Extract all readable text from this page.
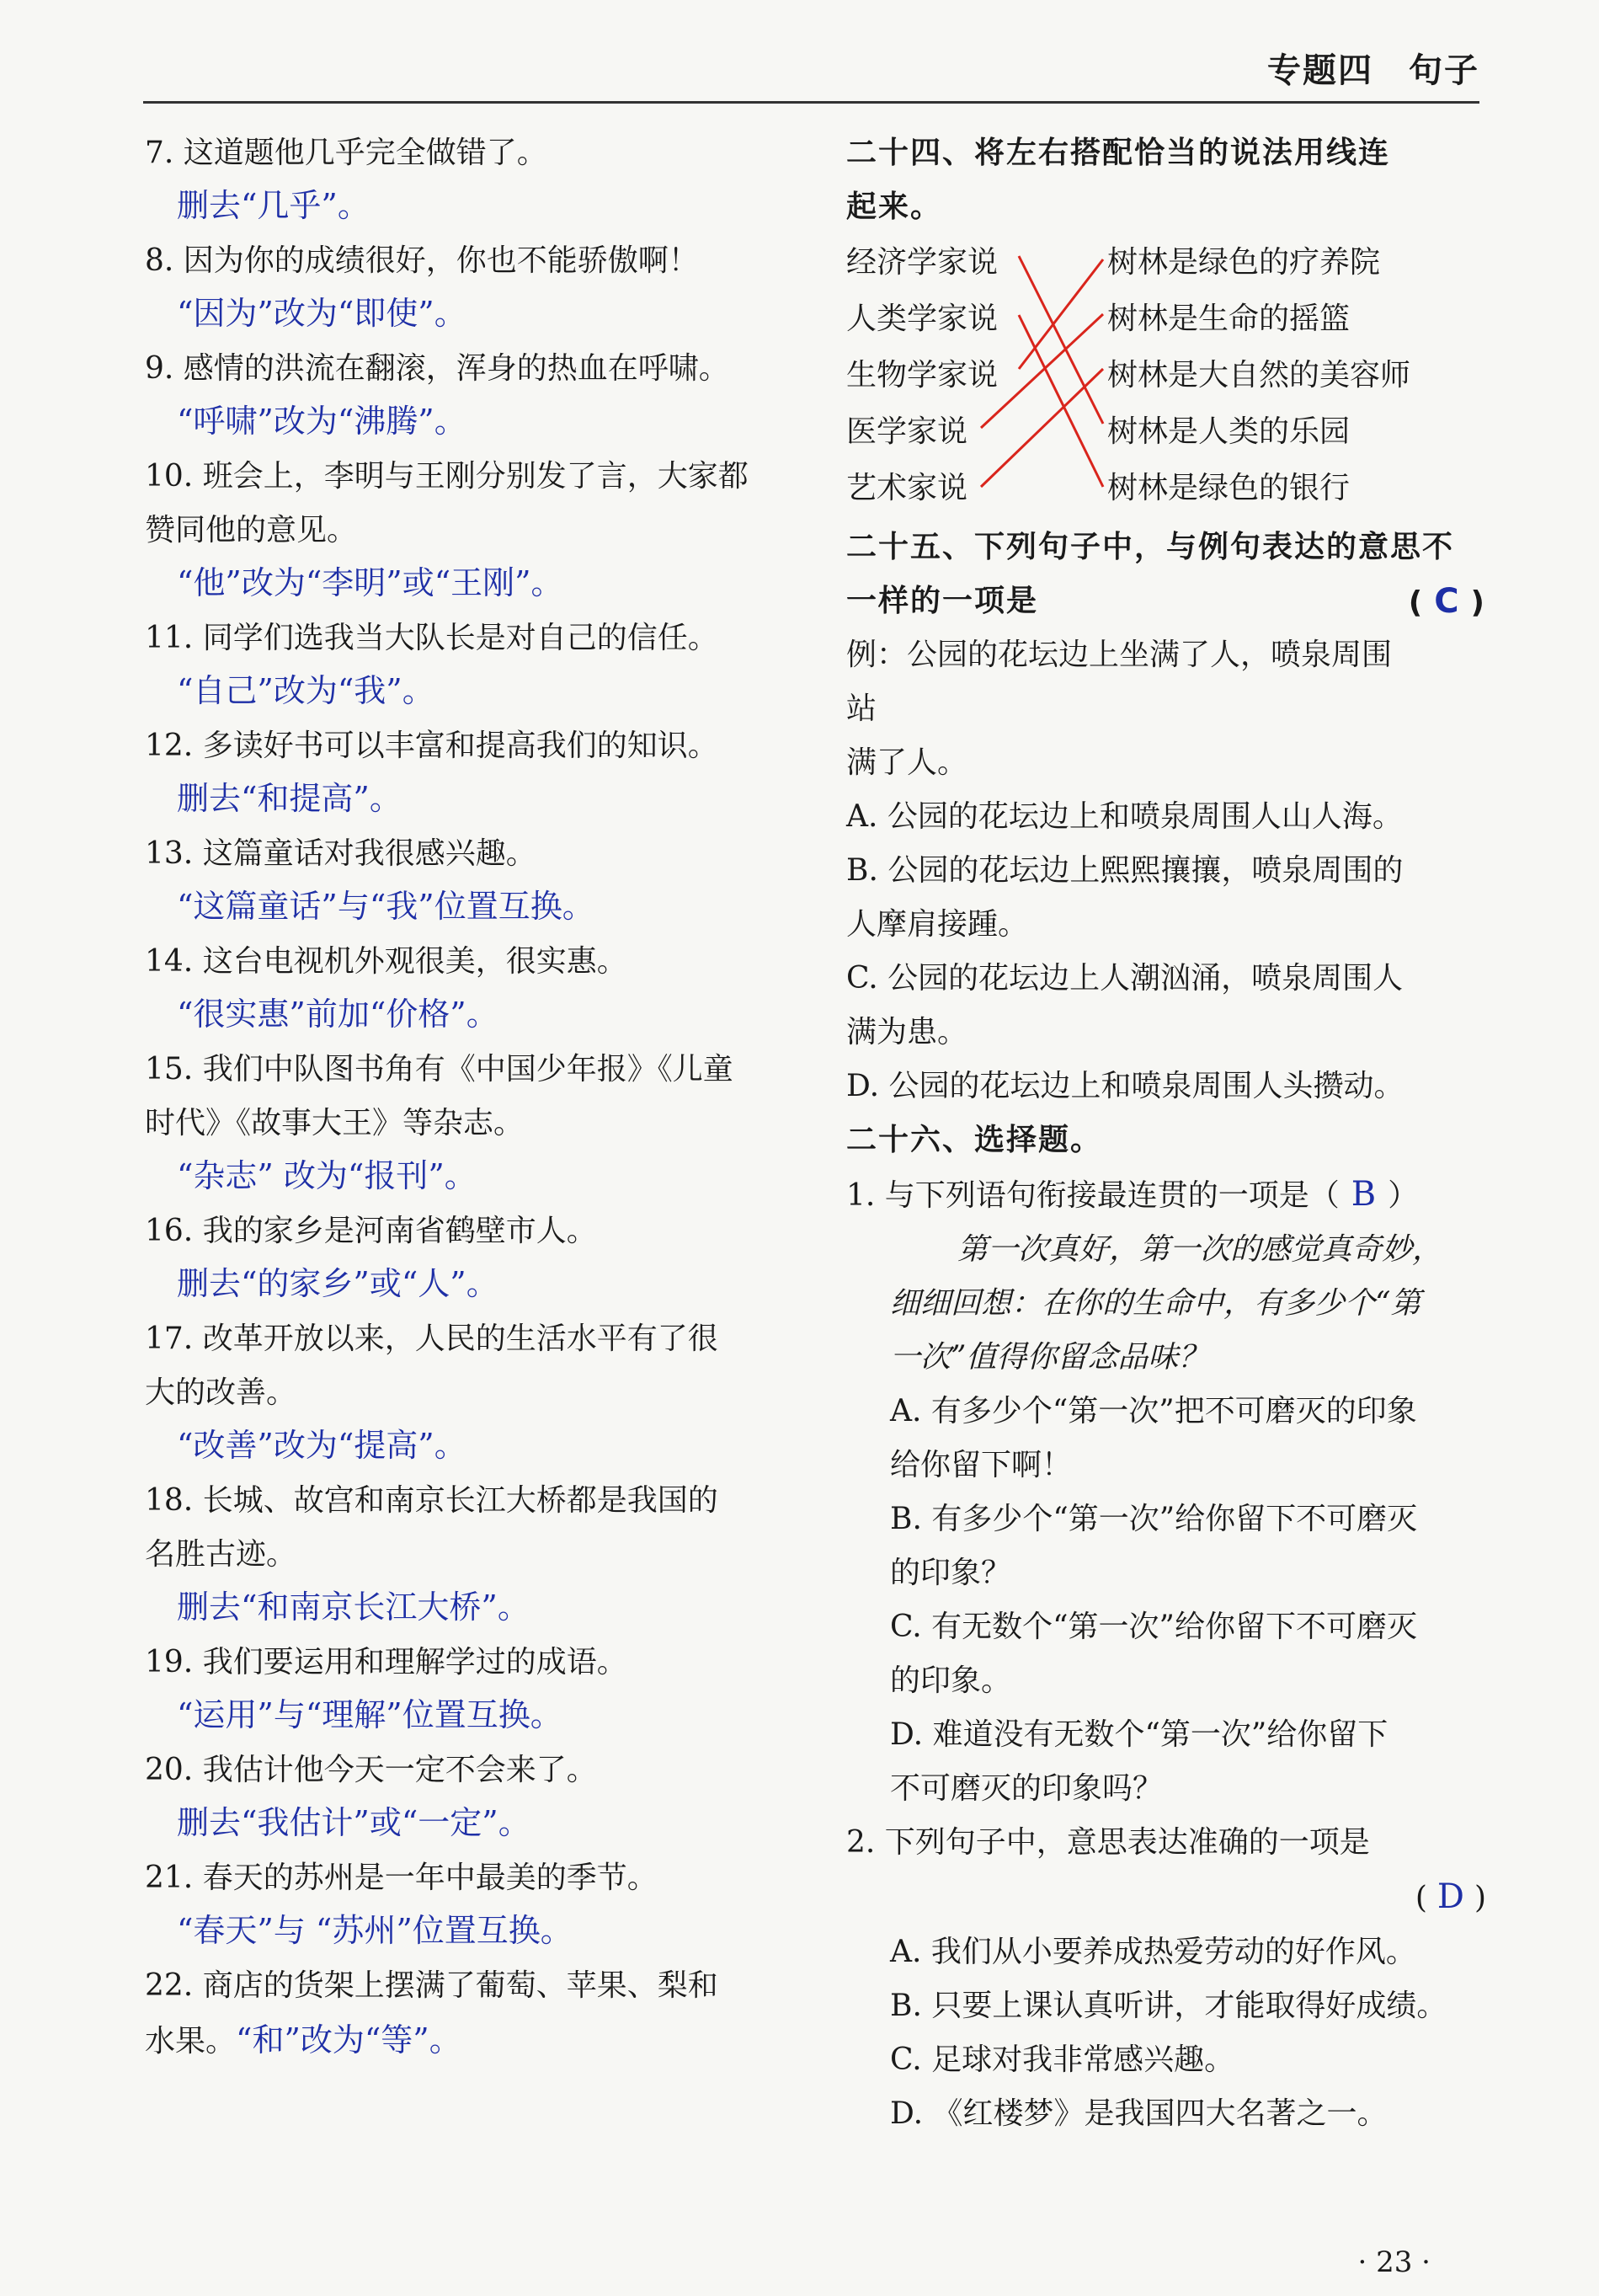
专题四　句子
7. 这道题他几乎完全做错了。
删去“几乎”。
8. 因为你的成绩很好，你也不能骄傲啊！
“因为”改为“即使”。
9. 感情的洪流在翻滚，浑身的热血在呼啸。
“呼啸”改为“沸腾”。
10. 班会上，李明与王刚分别发了言，大家都
赞同他的意见。
“他”改为“李明”或“王刚”。
11. 同学们选我当大队长是对自己的信任。
“自己”改为“我”。
12. 多读好书可以丰富和提高我们的知识。
删去“和提高”。
13. 这篇童话对我很感兴趣。
“这篇童话”与“我”位置互换。
14. 这台电视机外观很美，很实惠。
“很实惠”前加“价格”。
15. 我们中队图书角有《中国少年报》《儿童
时代》《故事大王》等杂志。
“杂志” 改为“报刊”。
16. 我的家乡是河南省鹤壁市人。
删去“的家乡”或“人”。
17. 改革开放以来，人民的生活水平有了很
大的改善。
“改善”改为“提高”。
18. 长城、故宫和南京长江大桥都是我国的
名胜古迹。
删去“和南京长江大桥”。
19. 我们要运用和理解学过的成语。
“运用”与“理解”位置互换。
20. 我估计他今天一定不会来了。
删去“我估计”或“一定”。
21. 春天的苏州是一年中最美的季节。
“春天”与 “苏州”位置互换。
22. 商店的货架上摆满了葡萄、苹果、梨和
水果。“和”改为“等”。
二十四、将左右搭配恰当的说法用线连
起来。
经济学家说
人类学家说
生物学家说
医学家说
艺术家说
树林是绿色的疗养院
树林是生命的摇篮
树林是大自然的美容师
树林是人类的乐园
树林是绿色的银行
二十五、下列句子中，与例句表达的意思不
一样的一项是	( C )
例：公园的花坛边上坐满了人，喷泉周围站
满了人。
A. 公园的花坛边上和喷泉周围人山人海。
B. 公园的花坛边上熙熙攘攘，喷泉周围的
人摩肩接踵。
C. 公园的花坛边上人潮汹涌，喷泉周围人
满为患。
D. 公园的花坛边上和喷泉周围人头攒动。
二十六、选择题。
1. 与下列语句衔接最连贯的一项是（ B ）
第一次真好，第一次的感觉真奇妙，
细细回想：在你的生命中，有多少个“第
一次”值得你留念品味？
A. 有多少个“第一次”把不可磨灭的印象
给你留下啊！
B. 有多少个“第一次”给你留下不可磨灭
的印象？
C. 有无数个“第一次”给你留下不可磨灭
的印象。
D. 难道没有无数个“第一次”给你留下
不可磨灭的印象吗？
2. 下列句子中，意思表达准确的一项是
( D )
A. 我们从小要养成热爱劳动的好作风。
B. 只要上课认真听讲，才能取得好成绩。
C. 足球对我非常感兴趣。
D. 《红楼梦》是我国四大名著之一。
· 23 ·
